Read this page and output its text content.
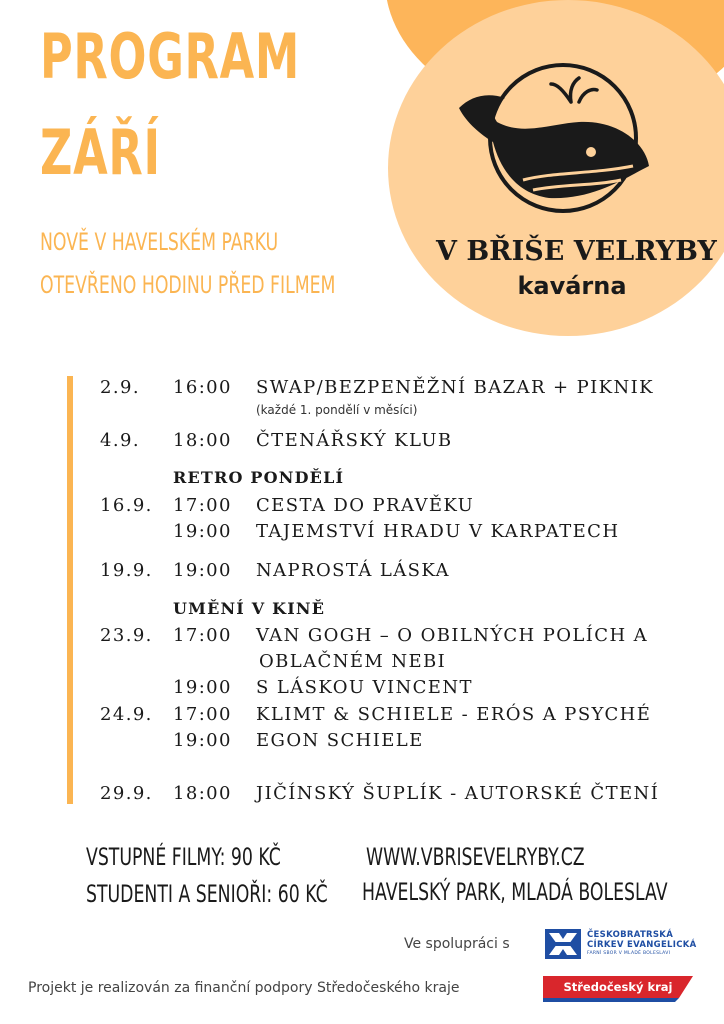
PROGRAM
ZÁŘÍ
NOVĚ V HAVELSKÉM PARKU
OTEVŘENO HODINU PŘED FILMEM
V BŘIŠE VELRYBY
kavárna
2.9. 16:00 SWAP/BEZPENĚŽNÍ BAZAR + PIKNIK
(každé 1. pondělí v měsíci)
4.9. 18:00 ČTENÁŘSKÝ KLUB
RETRO PONDĚLÍ
16.9. 17:00 CESTA DO PRAVĚKU
19:00 TAJEMSTVÍ HRADU V KARPATECH
19.9. 19:00 NAPROSTÁ LÁSKA
UMĚNÍ V KINĚ
23.9. 17:00 VAN GOGH – O OBILNÝCH POLÍCH A
OBLAČNÉM NEBI
19:00 S LÁSKOU VINCENT
24.9. 17:00 KLIMT & SCHIELE - ERÓS A PSYCHÉ
19:00 EGON SCHIELE
29.9. 18:00 JIČÍNSKÝ ŠUPLÍK - AUTORSKÉ ČTENÍ
VSTUPNÉ FILMY: 90 KČ
STUDENTI A SENIOŘI: 60 KČ
WWW.VBRISEVELRYBY.CZ
HAVELSKÝ PARK, MLADÁ BOLESLAV
Ve spolupráci s
ČESKOBRATRSKÁ
CÍRKEV EVANGELICKÁ
FARNÍ SBOR V MLADÉ BOLESLAVI
Projekt je realizován za finanční podpory Středočeského kraje	Středočeský kraj
